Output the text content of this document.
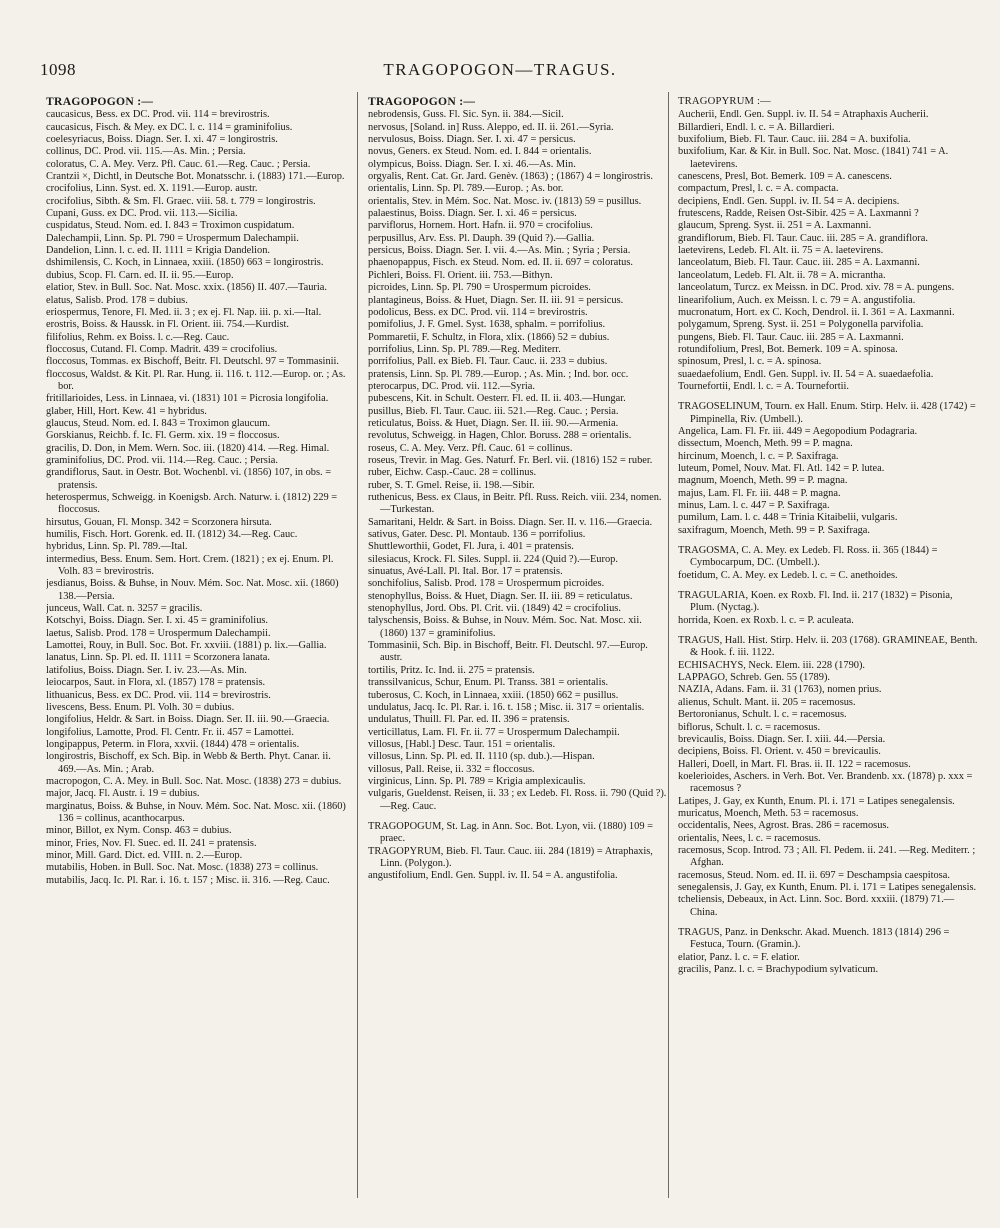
1098	TRAGOPOGON—TRAGUS.
TRAGOPOGON :—

caucasicus, Bess. ex DC. Prod. vii. 114 = brevirostris.

caucasicus, Fisch. & Mey. ex DC. l. c. 114 = graminifolius.

coelesyriacus, Boiss. Diagn. Ser. I. xi. 47 = longirostris.

collinus, DC. Prod. vii. 115.—As. Min. ; Persia.

coloratus, C. A. Mey. Verz. Pfl. Cauc. 61.—Reg. Cauc. ; Persia.

Crantzii ×, Dichtl, in Deutsche Bot. Monatsschr. i. (1883) 171.—Europ.

crocifolius, Linn. Syst. ed. X. 1191.—Europ. austr.

crocifolius, Sibth. & Sm. Fl. Graec. viii. 58. t. 779 = longirostris.

Cupani, Guss. ex DC. Prod. vii. 113.—Sicilia.

cuspidatus, Steud. Nom. ed. I. 843 = Troximon cuspidatum.

Dalechampii, Linn. Sp. Pl. 790 = Urospermum Dalechampii.

Dandelion, Linn. l. c. ed. II. 1111 = Krigia Dandelion.

dshimilensis, C. Koch, in Linnaea, xxiii. (1850) 663 = longirostris.

dubius, Scop. Fl. Carn. ed. II. ii. 95.—Europ.

elatior, Stev. in Bull. Soc. Nat. Mosc. xxix. (1856) II. 407.—Tauria.

elatus, Salisb. Prod. 178 = dubius.

eriospermus, Tenore, Fl. Med. ii. 3 ; ex ej. Fl. Nap. iii. p. xi.—Ital.

erostris, Boiss. & Haussk. in Fl. Orient. iii. 754.—Kurdist.

filifolius, Rehm. ex Boiss. l. c.—Reg. Cauc.

floccosus, Cutand. Fl. Comp. Madrit. 439 = crocifolius.

floccosus, Tommas. ex Bischoff, Beitr. Fl. Deutschl. 97 = Tommasinii.

floccosus, Waldst. & Kit. Pl. Rar. Hung. ii. 116. t. 112.—Europ. or. ; As. bor.

fritillarioides, Less. in Linnaea, vi. (1831) 101 = Picrosia longifolia.

glaber, Hill, Hort. Kew. 41 = hybridus.

glaucus, Steud. Nom. ed. I. 843 = Troximon glaucum.

Gorskianus, Reichb. f. Ic. Fl. Germ. xix. 19 = floccosus.

gracilis, D. Don, in Mem. Wern. Soc. iii. (1820) 414. —Reg. Himal.

graminifolius, DC. Prod. vii. 114.—Reg. Cauc. ; Persia.

grandiflorus, Saut. in Oestr. Bot. Wochenbl. vi. (1856) 107, in obs. = pratensis.

heterospermus, Schweigg. in Koenigsb. Arch. Naturw. i. (1812) 229 = floccosus.

hirsutus, Gouan, Fl. Monsp. 342 = Scorzonera hirsuta.

humilis, Fisch. Hort. Gorenk. ed. II. (1812) 34.—Reg. Cauc.

hybridus, Linn. Sp. Pl. 789.—Ital.

intermedius, Bess. Enum. Sem. Hort. Crem. (1821) ; ex ej. Enum. Pl. Volh. 83 = brevirostris.

jesdianus, Boiss. & Buhse, in Nouv. Mém. Soc. Nat. Mosc. xii. (1860) 138.—Persia.

junceus, Wall. Cat. n. 3257 = gracilis.

Kotschyi, Boiss. Diagn. Ser. I. xi. 45 = graminifolius.

laetus, Salisb. Prod. 178 = Urospermum Dalechampii.

Lamottei, Rouy, in Bull. Soc. Bot. Fr. xxviii. (1881) p. lix.—Gallia.

lanatus, Linn. Sp. Pl. ed. II. 1111 = Scorzonera lanata.

latifolius, Boiss. Diagn. Ser. I. iv. 23.—As. Min.

leiocarpos, Saut. in Flora, xl. (1857) 178 = pratensis.

lithuanicus, Bess. ex DC. Prod. vii. 114 = brevirostris.

livescens, Bess. Enum. Pl. Volh. 30 = dubius.

longifolius, Heldr. & Sart. in Boiss. Diagn. Ser. II. iii. 90.—Graecia.

longifolius, Lamotte, Prod. Fl. Centr. Fr. ii. 457 = Lamottei.

longipappus, Peterm. in Flora, xxvii. (1844) 478 = orientalis.

longirostris, Bischoff, ex Sch. Bip. in Webb & Berth. Phyt. Canar. ii. 469.—As. Min. ; Arab.

macropogon, C. A. Mey. in Bull. Soc. Nat. Mosc. (1838) 273 = dubius.

major, Jacq. Fl. Austr. i. 19 = dubius.

marginatus, Boiss. & Buhse, in Nouv. Mém. Soc. Nat. Mosc. xii. (1860) 136 = collinus, acanthocarpus.

minor, Billot, ex Nym. Consp. 463 = dubius.

minor, Fries, Nov. Fl. Suec. ed. II. 241 = pratensis.

minor, Mill. Gard. Dict. ed. VIII. n. 2.—Europ.

mutabilis, Hoben. in Bull. Soc. Nat. Mosc. (1838) 273 = collinus.

mutabilis, Jacq. Ic. Pl. Rar. i. 16. t. 157 ; Misc. ii. 316. —Reg. Cauc.

TRAGOPOGON :—

nebrodensis, Guss. Fl. Sic. Syn. ii. 384.—Sicil.

nervosus, [Soland. in] Russ. Aleppo, ed. II. ii. 261.—Syria.

nervulosus, Boiss. Diagn. Ser. I. xi. 47 = persicus.

novus, Geners. ex Steud. Nom. ed. I. 844 = orientalis.

olympicus, Boiss. Diagn. Ser. I. xi. 46.—As. Min.

orgyalis, Rent. Cat. Gr. Jard. Genèv. (1863) ; (1867) 4 = longirostris.

orientalis, Linn. Sp. Pl. 789.—Europ. ; As. bor.

orientalis, Stev. in Mém. Soc. Nat. Mosc. iv. (1813) 59 = pusillus.

palaestinus, Boiss. Diagn. Ser. I. xi. 46 = persicus.

parviflorus, Hornem. Hort. Hafn. ii. 970 = crocifolius.

perpusillus, Arv. Ess. Pl. Dauph. 39 (Quid ?).—Gallia.

persicus, Boiss. Diagn. Ser. I. vii. 4.—As. Min. ; Syria ; Persia.

phaenopappus, Fisch. ex Steud. Nom. ed. II. ii. 697 = coloratus.

Pichleri, Boiss. Fl. Orient. iii. 753.—Bithyn.

picroides, Linn. Sp. Pl. 790 = Urospermum picroides.

plantagineus, Boiss. & Huet, Diagn. Ser. II. iii. 91 = persicus.

podolicus, Bess. ex DC. Prod. vii. 114 = brevirostris.

pomifolius, J. F. Gmel. Syst. 1638, sphalm. = porrifolius.

Pommaretii, F. Schultz, in Flora, xlix. (1866) 52 = dubius.

porrifolius, Linn. Sp. Pl. 789.—Reg. Mediterr.

porrifolius, Pall. ex Bieb. Fl. Taur. Cauc. ii. 233 = dubius.

pratensis, Linn. Sp. Pl. 789.—Europ. ; As. Min. ; Ind. bor. occ.

pterocarpus, DC. Prod. vii. 112.—Syria.

pubescens, Kit. in Schult. Oesterr. Fl. ed. II. ii. 403.—Hungar.

pusillus, Bieb. Fl. Taur. Cauc. iii. 521.—Reg. Cauc. ; Persia.

reticulatus, Boiss. & Huet, Diagn. Ser. II. iii. 90.—Armenia.

revolutus, Schweigg. in Hagen, Chlor. Boruss. 288 = orientalis.

roseus, C. A. Mey. Verz. Pfl. Cauc. 61 = collinus.

roseus, Trevir. in Mag. Ges. Naturf. Fr. Berl. vii. (1816) 152 = ruber.

ruber, Eichw. Casp.-Cauc. 28 = collinus.

ruber, S. T. Gmel. Reise, ii. 198.—Sibir.

ruthenicus, Bess. ex Claus, in Beitr. Pfl. Russ. Reich. viii. 234, nomen.—Turkestan.

Samaritani, Heldr. & Sart. in Boiss. Diagn. Ser. II. v. 116.—Graecia.

sativus, Gater. Desc. Pl. Montaub. 136 = porrifolius.

Shuttleworthii, Godet, Fl. Jura, i. 401 = pratensis.

silesiacus, Krock. Fl. Siles. Suppl. ii. 224 (Quid ?).—Europ.

sinuatus, Avé-Lall. Pl. Ital. Bor. 17 = pratensis.

sonchifolius, Salisb. Prod. 178 = Urospermum picroides.

stenophyllus, Boiss. & Huet, Diagn. Ser. II. iii. 89 = reticulatus.

stenophyllus, Jord. Obs. Pl. Crit. vii. (1849) 42 = crocifolius.

talyschensis, Boiss. & Buhse, in Nouv. Mém. Soc. Nat. Mosc. xii. (1860) 137 = graminifolius.

Tommasinii, Sch. Bip. in Bischoff, Beitr. Fl. Deutschl. 97.—Europ. austr.

tortilis, Pritz. Ic. Ind. ii. 275 = pratensis.

transsilvanicus, Schur, Enum. Pl. Transs. 381 = orientalis.

tuberosus, C. Koch, in Linnaea, xxiii. (1850) 662 = pusillus.

undulatus, Jacq. Ic. Pl. Rar. i. 16. t. 158 ; Misc. ii. 317 = orientalis.

undulatus, Thuill. Fl. Par. ed. II. 396 = pratensis.

verticillatus, Lam. Fl. Fr. ii. 77 = Urospermum Dalechampii.

villosus, [Habl.] Desc. Taur. 151 = orientalis.

villosus, Linn. Sp. Pl. ed. II. 1110 (sp. dub.).—Hispan.

villosus, Pall. Reise, ii. 332 = floccosus.

virginicus, Linn. Sp. Pl. 789 = Krigia amplexicaulis.

vulgaris, Gueldenst. Reisen, ii. 33 ; ex Ledeb. Fl. Ross. ii. 790 (Quid ?).—Reg. Cauc.

TRAGOPOGUM, St. Lag. in Ann. Soc. Bot. Lyon, vii. (1880) 109 = praec.

TRAGOPYRUM, Bieb. Fl. Taur. Cauc. iii. 284 (1819) = Atraphaxis, Linn. (Polygon.).

angustifolium, Endl. Gen. Suppl. iv. II. 54 = A. angustifolia.

TRAGOPYRUM :—

Aucherii, Endl. Gen. Suppl. iv. II. 54 = Atraphaxis Aucherii.

Billardieri, Endl. l. c. = A. Billardieri.

buxifolium, Bieb. Fl. Taur. Cauc. iii. 284 = A. buxifolia.

buxifolium, Kar. & Kir. in Bull. Soc. Nat. Mosc. (1841) 741 = A. laetevirens.

canescens, Presl, Bot. Bemerk. 109 = A. canescens.

compactum, Presl, l. c. = A. compacta.

decipiens, Endl. Gen. Suppl. iv. II. 54 = A. decipiens.

frutescens, Radde, Reisen Ost-Sibir. 425 = A. Laxmanni ?

glaucum, Spreng. Syst. ii. 251 = A. Laxmanni.

grandiflorum, Bieb. Fl. Taur. Cauc. iii. 285 = A. grandiflora.

laetevirens, Ledeb. Fl. Alt. ii. 75 = A. laetevirens.

lanceolatum, Bieb. Fl. Taur. Cauc. iii. 285 = A. Laxmanni.

lanceolatum, Ledeb. Fl. Alt. ii. 78 = A. micrantha.

lanceolatum, Turcz. ex Meissn. in DC. Prod. xiv. 78 = A. pungens.

linearifolium, Auch. ex Meissn. l. c. 79 = A. angustifolia.

mucronatum, Hort. ex C. Koch, Dendrol. ii. I. 361 = A. Laxmanni.

polygamum, Spreng. Syst. ii. 251 = Polygonella parvifolia.

pungens, Bieb. Fl. Taur. Cauc. iii. 285 = A. Laxmanni.

rotundifolium, Presl, Bot. Bemerk. 109 = A. spinosa.

spinosum, Presl, l. c. = A. spinosa.

suaedaefolium, Endl. Gen. Suppl. iv. II. 54 = A. suaedaefolia.

Tournefortii, Endl. l. c. = A. Tournefortii.

TRAGOSELINUM, Tourn. ex Hall. Enum. Stirp. Helv. ii. 428 (1742) = Pimpinella, Riv. (Umbell.).

Angelica, Lam. Fl. Fr. iii. 449 = Aegopodium Podagraria.

dissectum, Moench, Meth. 99 = P. magna.

hircinum, Moench, l. c. = P. Saxifraga.

luteum, Pomel, Nouv. Mat. Fl. Atl. 142 = P. lutea.

magnum, Moench, Meth. 99 = P. magna.

majus, Lam. Fl. Fr. iii. 448 = P. magna.

minus, Lam. l. c. 447 = P. Saxifraga.

pumilum, Lam. l. c. 448 = Trinia Kitaibelii, vulgaris.

saxifragum, Moench, Meth. 99 = P. Saxifraga.

TRAGOSMA, C. A. Mey. ex Ledeb. Fl. Ross. ii. 365 (1844) = Cymbocarpum, DC. (Umbell.).

foetidum, C. A. Mey. ex Ledeb. l. c. = C. anethoides.

TRAGULARIA, Koen. ex Roxb. Fl. Ind. ii. 217 (1832) = Pisonia, Plum. (Nyctag.).

horrida, Koen. ex Roxb. l. c. = P. aculeata.

TRAGUS, Hall. Hist. Stirp. Helv. ii. 203 (1768). GRAMINEAE, Benth. & Hook. f. iii. 1122.

ECHISACHYS, Neck. Elem. iii. 228 (1790).

LAPPAGO, Schreb. Gen. 55 (1789).

NAZIA, Adans. Fam. ii. 31 (1763), nomen prius.

alienus, Schult. Mant. ii. 205 = racemosus.

Bertoronianus, Schult. l. c. = racemosus.

biflorus, Schult. l. c. = racemosus.

brevicaulis, Boiss. Diagn. Ser. I. xiii. 44.—Persia.

decipiens, Boiss. Fl. Orient. v. 450 = brevicaulis.

Halleri, Doell, in Mart. Fl. Bras. ii. II. 122 = racemosus.

koelerioides, Aschers. in Verh. Bot. Ver. Brandenb. xx. (1878) p. xxx = racemosus ?

Latipes, J. Gay, ex Kunth, Enum. Pl. i. 171 = Latipes senegalensis.

muricatus, Moench, Meth. 53 = racemosus.

occidentalis, Nees, Agrost. Bras. 286 = racemosus.

orientalis, Nees, l. c. = racemosus.

racemosus, Scop. Introd. 73 ; All. Fl. Pedem. ii. 241. —Reg. Mediterr. ; Afghan.

racemosus, Steud. Nom. ed. II. ii. 697 = Deschampsia caespitosa.

senegalensis, J. Gay, ex Kunth, Enum. Pl. i. 171 = Latipes senegalensis.

tcheliensis, Debeaux, in Act. Linn. Soc. Bord. xxxiii. (1879) 71.—China.

TRAGUS, Panz. in Denkschr. Akad. Muench. 1813 (1814) 296 = Festuca, Tourn. (Gramin.).

elatior, Panz. l. c. = F. elatior.

gracilis, Panz. l. c. = Brachypodium sylvaticum.
